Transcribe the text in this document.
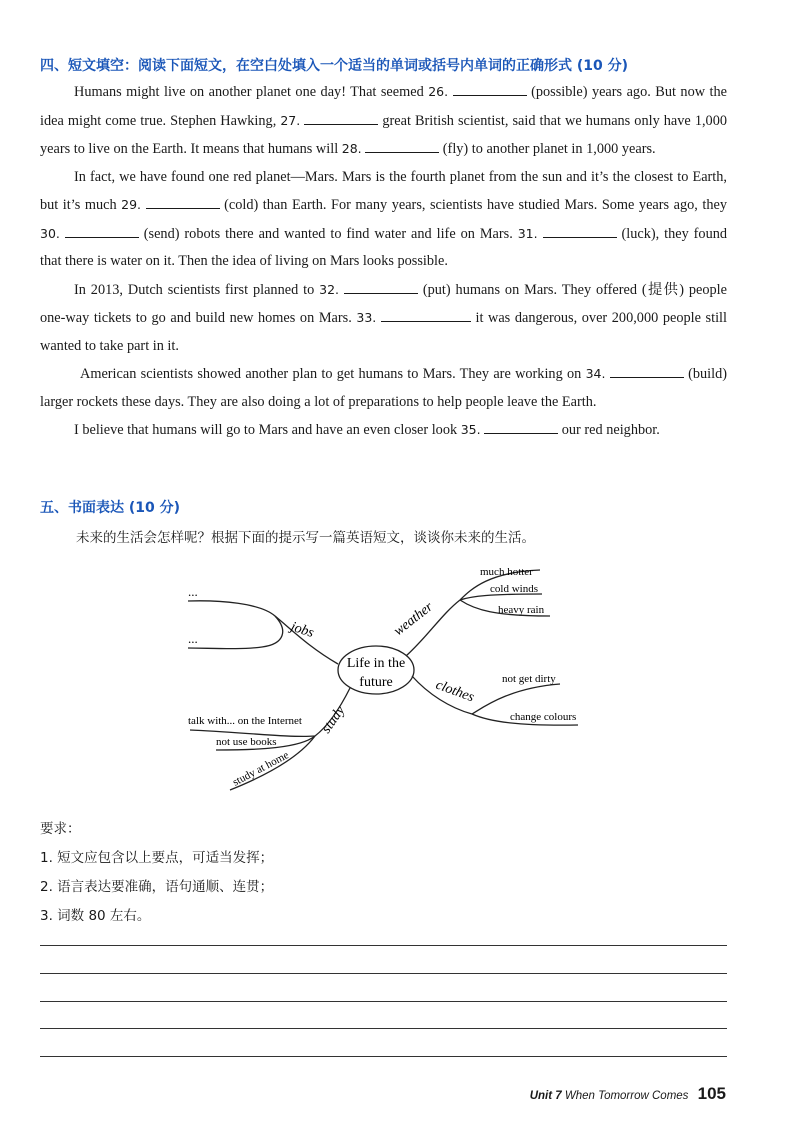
四、短文填空：阅读下面短文，在空白处填入一个适当的单词或括号内单词的正确形式 (10 分)

Humans might live on another planet one day! That seemed 26.	(possible) years ago. But now the idea might come true. Stephen Hawking, 27.	great British scientist, said that we humans only have 1,000 years to live on the Earth. It means that humans will 28.	(fly) to another planet in 1,000 years.

In fact, we have found one red planet—Mars. Mars is the fourth planet from the sun and it’s the closest to Earth, but it’s much 29.	(cold) than Earth. For many years, scientists have studied Mars. Some years ago, they 30.	(send) robots there and wanted to find water and life on Mars. 31.	(luck), they found that there is water on it. Then the idea of living on Mars looks possible.

In 2013, Dutch scientists first planned to 32.	(put) humans on Mars. They offered (提供) people one-way tickets to go and build new homes on Mars. 33.	it was dangerous, over 200,000 people still wanted to take part in it.

American scientists showed another plan to get humans to Mars. They are working on 34.	(build) larger rockets these days. They are also doing a lot of preparations to help people leave the Earth.

I believe that humans will go to Mars and have an even closer look 35.	our red neighbor.

五、书面表达 (10 分)
未来的生活会怎样呢？根据下面的提示写一篇英语短文，谈谈你未来的生活。
Life in the
future
jobs
...
...	weather
much hotter
cold winds
heavy rain
clothes not get dirty
change colours
study
talk with... on the Internet
not use books
study at home
要求：
1. 短文应包含以上要点，可适当发挥；
2. 语言表达要准确，语句通顺、连贯；
3. 词数 80 左右。
Unit 7 When Tomorrow Comes 105
